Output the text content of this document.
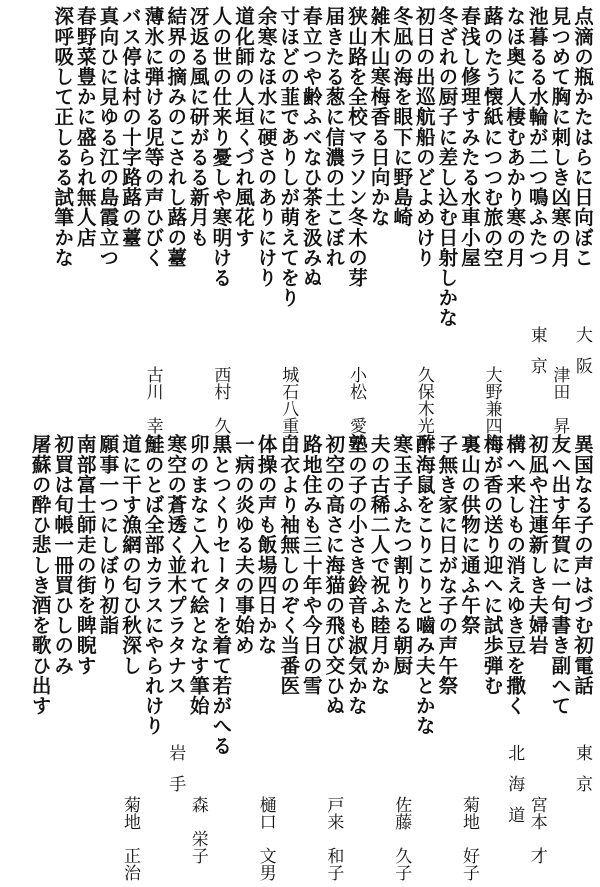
点滴の瓶かたはらに日向ぼこ
見つめて胸に刺しき凶寒の月
大阪
津田　昇一
池暮るる水輪が二つ鳴ふたつ
なほ奥に人棲むあかり寒の月
蕗のたう懐紙につつむ旅の空
東京
大野兼四郎
春浅し修理すみたる水車小屋
冬ざれの厨子に差し込む日射しかな
初日の出巡航船のどよめけり
久保木光照
冬凪の海を眼下に野島崎
雑木山寒梅香る日向かな
狭山路を全校マラソン冬木の芽
小松　愛子
届きたる葱に信濃の土こぼれ
春立つや齢ふべなひ茶を汲みぬ
寸ほどの韮でありしが萌えてをり
城石八重子
余寒なほ水に硬さのありにけり
道化師の人垣くづれ風花す
人の世の仕来り憂しや寒明ける
西村　久子
冴返る風に研がるる新月も
結界の摘みのこされし蕗の薹
薄氷に弾ける児等の声ひびく
古川　幸子
バス停は村の十字路蕗の薹
真向ひに見ゆる江の島霞立つ
春野菜豊かに盛られ無人店
深呼吸して正しるる試筆かな
異国なる子の声はづむ初電話
友へ出す年賀に一句書き副へて
初凪や注連新しき夫婦岩
東京
宮本　才
構へ来しもの消えゆき豆を撒く
梅が香の送り迎へに試歩弾む
裏山の供物に通ふ午祭
北海道
菊地　好子
子無き家に日がな子の声午祭
酢海鼠をこりこりと嚙み夫とかな
寒玉子ふたつ割りたる朝厨
佐藤　久子
夫の古稀二人で祝ふ睦月かな
塾の子の小さき鈴音も淑気かな
初空の高さに海猫の飛び交ひぬ
戸来　和子
路地住みも三十年や今日の雪
白衣より袖無しのぞく当番医
体操の声も飯場四日かな
樋口　文男
一病の炎ゆる夫の事始め
黒とつくりセーターを着て若がへる
卯のまなこ入れて絵となす筆始
森　栄子
寒空の蒼透く並木プラタナス
鮭のとば全部カラスにやられけり
道に干す漁網の匂ひ秋深し
岩手
菊地　正治
願事一つにしぼり初詣
南部富士師走の街を睥睨す
初買は旬帳一冊買ひしのみ
屠蘇の酔ひ悲しき酒を歌ひ出す
